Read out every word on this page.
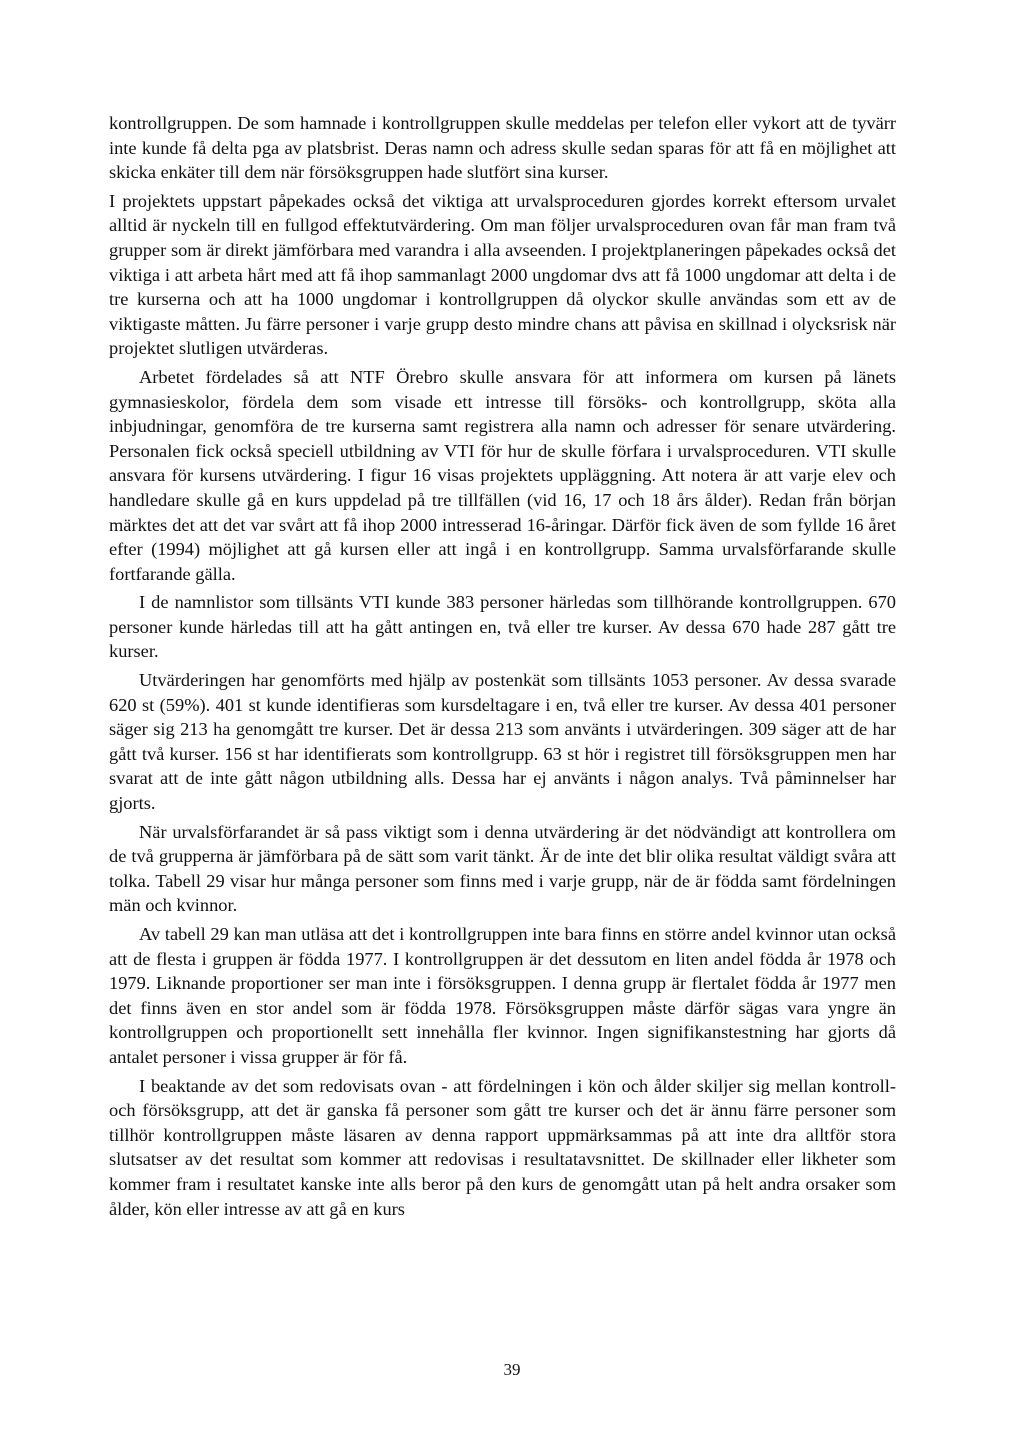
kontrollgruppen. De som hamnade i kontrollgruppen skulle meddelas per telefon eller vykort att de tyvärr inte kunde få delta pga av platsbrist. Deras namn och adress skulle sedan sparas för att få en möjlighet att skicka enkäter till dem när försöksgruppen hade slutfört sina kurser.

I projektets uppstart påpekades också det viktiga att urvalsproceduren gjordes korrekt eftersom urvalet alltid är nyckeln till en fullgod effektutvärdering. Om man följer urvalsproceduren ovan får man fram två grupper som är direkt jämförbara med varandra i alla avseenden. I projektplaneringen påpekades också det viktiga i att arbeta hårt med att få ihop sammanlagt 2000 ungdomar dvs att få 1000 ungdomar att delta i de tre kurserna och att ha 1000 ungdomar i kontrollgruppen då olyckor skulle användas som ett av de viktigaste måtten. Ju färre personer i varje grupp desto mindre chans att påvisa en skillnad i olycksrisk när projektet slutligen utvärderas.

Arbetet fördelades så att NTF Örebro skulle ansvara för att informera om kursen på länets gymnasieskolor, fördela dem som visade ett intresse till försöks- och kontrollgrupp, sköta alla inbjudningar, genomföra de tre kurserna samt registrera alla namn och adresser för senare utvärdering. Personalen fick också speciell utbildning av VTI för hur de skulle förfara i urvalsproceduren. VTI skulle ansvara för kursens utvärdering. I figur 16 visas projektets uppläggning. Att notera är att varje elev och handledare skulle gå en kurs uppdelad på tre tillfällen (vid 16, 17 och 18 års ålder). Redan från början märktes det att det var svårt att få ihop 2000 intresserad 16-åringar. Därför fick även de som fyllde 16 året efter (1994) möjlighet att gå kursen eller att ingå i en kontrollgrupp. Samma urvalsförfarande skulle fortfarande gälla.

I de namnlistor som tillsänts VTI kunde 383 personer härledas som tillhörande kontrollgruppen. 670 personer kunde härledas till att ha gått antingen en, två eller tre kurser. Av dessa 670 hade 287 gått tre kurser.

Utvärderingen har genomförts med hjälp av postenkät som tillsänts 1053 personer. Av dessa svarade 620 st (59%). 401 st kunde identifieras som kursdeltagare i en, två eller tre kurser. Av dessa 401 personer säger sig 213 ha genomgått tre kurser. Det är dessa 213 som använts i utvärderingen. 309 säger att de har gått två kurser. 156 st har identifierats som kontrollgrupp. 63 st hör i registret till försöksgruppen men har svarat att de inte gått någon utbildning alls. Dessa har ej använts i någon analys. Två påminnelser har gjorts.

När urvalsförfarandet är så pass viktigt som i denna utvärdering är det nödvändigt att kontrollera om de två grupperna är jämförbara på de sätt som varit tänkt. Är de inte det blir olika resultat väldigt svåra att tolka. Tabell 29 visar hur många personer som finns med i varje grupp, när de är födda samt fördelningen män och kvinnor.

Av tabell 29 kan man utläsa att det i kontrollgruppen inte bara finns en större andel kvinnor utan också att de flesta i gruppen är födda 1977. I kontrollgruppen är det dessutom en liten andel födda år 1978 och 1979. Liknande proportioner ser man inte i försöksgruppen. I denna grupp är flertalet födda år 1977 men det finns även en stor andel som är födda 1978. Försöksgruppen måste därför sägas vara yngre än kontrollgruppen och proportionellt sett innehålla fler kvinnor. Ingen signifikanstestning har gjorts då antalet personer i vissa grupper är för få.

I beaktande av det som redovisats ovan - att fördelningen i kön och ålder skiljer sig mellan kontroll- och försöksgrupp, att det är ganska få personer som gått tre kurser och det är ännu färre personer som tillhör kontrollgruppen måste läsaren av denna rapport uppmärksammas på att inte dra alltför stora slutsatser av det resultat som kommer att redovisas i resultatavsnittet. De skillnader eller likheter som kommer fram i resultatet kanske inte alls beror på den kurs de genomgått utan på helt andra orsaker som ålder, kön eller intresse av att gå en kurs

39
